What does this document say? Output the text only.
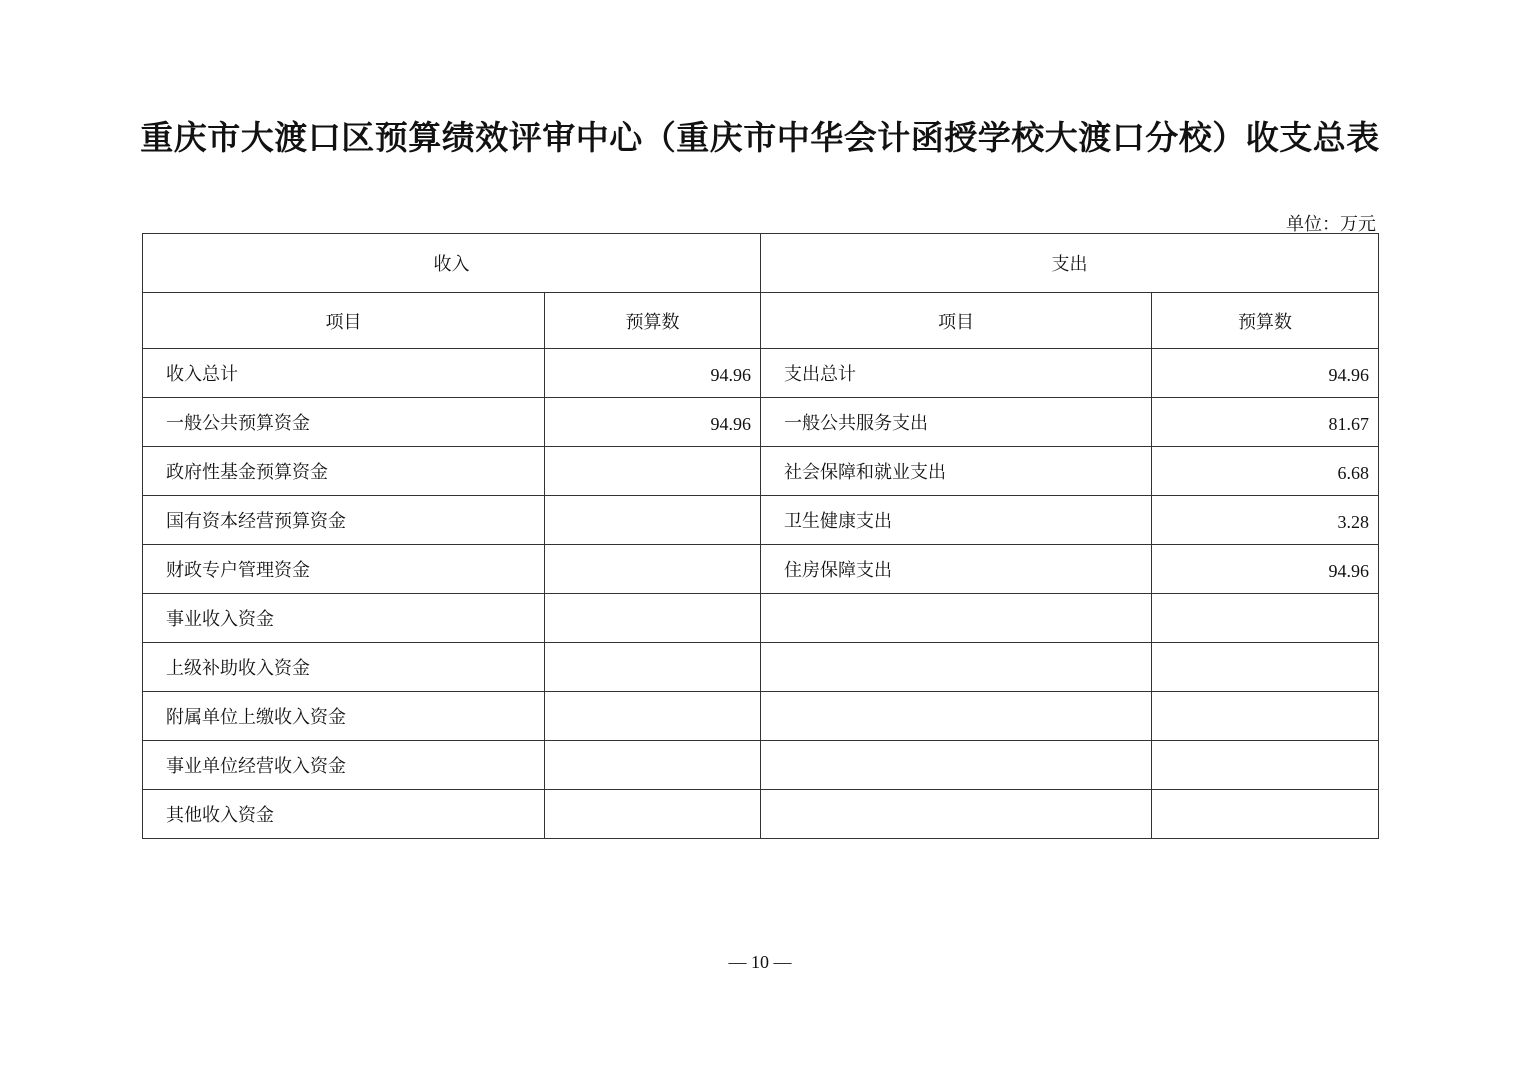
重庆市大渡口区预算绩效评审中心（重庆市中华会计函授学校大渡口分校）收支总表
单位：万元
收入		支出	
项目	预算数	项目	预算数
收入总计	94.96	支出总计	94.96
一般公共预算资金	94.96	一般公共服务支出	81.67
政府性基金预算资金		社会保障和就业支出	6.68
国有资本经营预算资金		卫生健康支出	3.28
财政专户管理资金		住房保障支出	94.96
事业收入资金			
上级补助收入资金			
附属单位上缴收入资金			
事业单位经营收入资金			
其他收入资金			
— 10 —
